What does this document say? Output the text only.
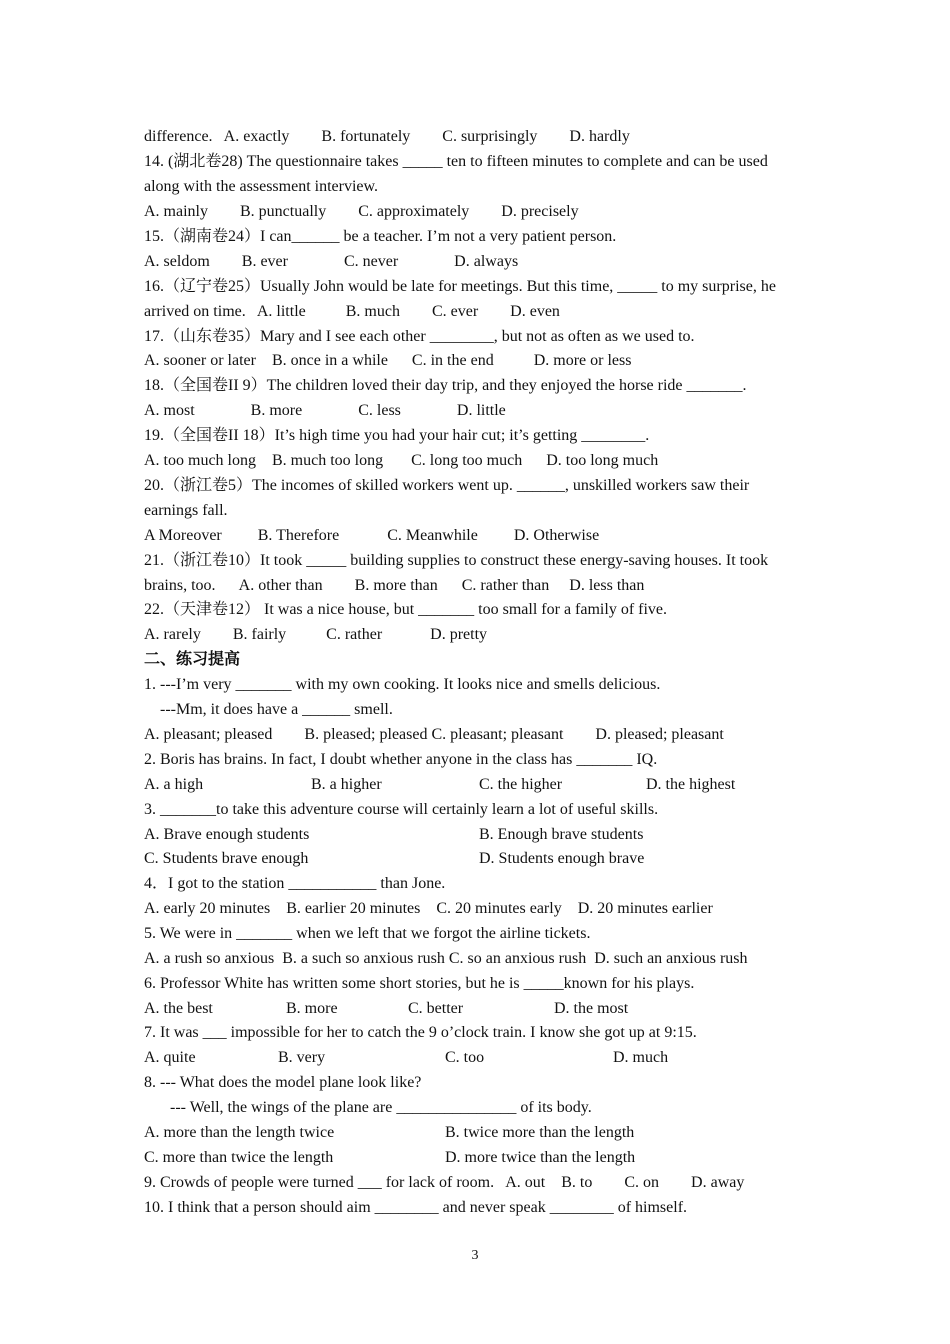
difference.   A. exactly        B. fortunately        C. surprisingly        D. hardly
14. (湖北卷28) The questionnaire takes _____ ten to fifteen minutes to complete and can be used
along with the assessment interview.
A. mainly        B. punctually        C. approximately        D. precisely
15.（湖南卷24）I can______ be a teacher. I’m not a very patient person.
A. seldom        B. ever              C. never              D. always
16.（辽宁卷25）Usually John would be late for meetings. But this time, _____ to my surprise, he
arrived on time.   A. little          B. much        C. ever        D. even
17.（山东卷35）Mary and I see each other ________, but not as often as we used to.
A. sooner or later    B. once in a while      C. in the end          D. more or less
18.（全国卷II 9）The children loved their day trip, and they enjoyed the horse ride _______.
A. most              B. more              C. less              D. little
19.（全国卷II 18）It’s high time you had your hair cut; it’s getting ________.
A. too much long    B. much too long       C. long too much      D. too long much
20.（浙江卷5）The incomes of skilled workers went up. ______, unskilled workers saw their
earnings fall.
A Moreover         B. Therefore            C. Meanwhile         D. Otherwise
21.（浙江卷10）It took _____ building supplies to construct these energy-saving houses. It took
brains, too.      A. other than        B. more than      C. rather than     D. less than
22.（天津卷12） It was a nice house, but _______ too small for a family of five.
A. rarely        B. fairly          C. rather            D. pretty
二、练习提高
1. ---I’m very _______ with my own cooking. It looks nice and smells delicious.
---Mm, it does have a ______ smell.
A. pleasant; pleased        B. pleased; pleased C. pleasant; pleasant        D. pleased; pleasant
2. Boris has brains. In fact, I doubt whether anyone in the class has _______ IQ.
A. a high	B. a higher	C. the higher	D. the highest
3. _______to take this adventure course will certainly learn a lot of useful skills.
A. Brave enough students	B. Enough brave students
C. Students brave enough	D. Students enough brave
4．I got to the station ___________ than Jone.
A. early 20 minutes    B. earlier 20 minutes    C. 20 minutes early    D. 20 minutes earlier
5. We were in _______ when we left that we forgot the airline tickets.
A. a rush so anxious  B. a such so anxious rush C. so an anxious rush  D. such an anxious rush
6. Professor White has written some short stories, but he is _____known for his plays.
A. the best	B. more	C. better	D. the most
7. It was ___ impossible for her to catch the 9 o’clock train. I know she got up at 9:15.
A. quite	B. very	C. too	D. much
8. --- What does the model plane look like?
--- Well, the wings of the plane are _______________ of its body.
A. more than the length twice	B. twice more than the length
C. more than twice the length	D. more twice than the length
9. Crowds of people were turned ___ for lack of room.   A. out    B. to        C. on        D. away
10. I think that a person should aim ________ and never speak ________ of himself.
3
